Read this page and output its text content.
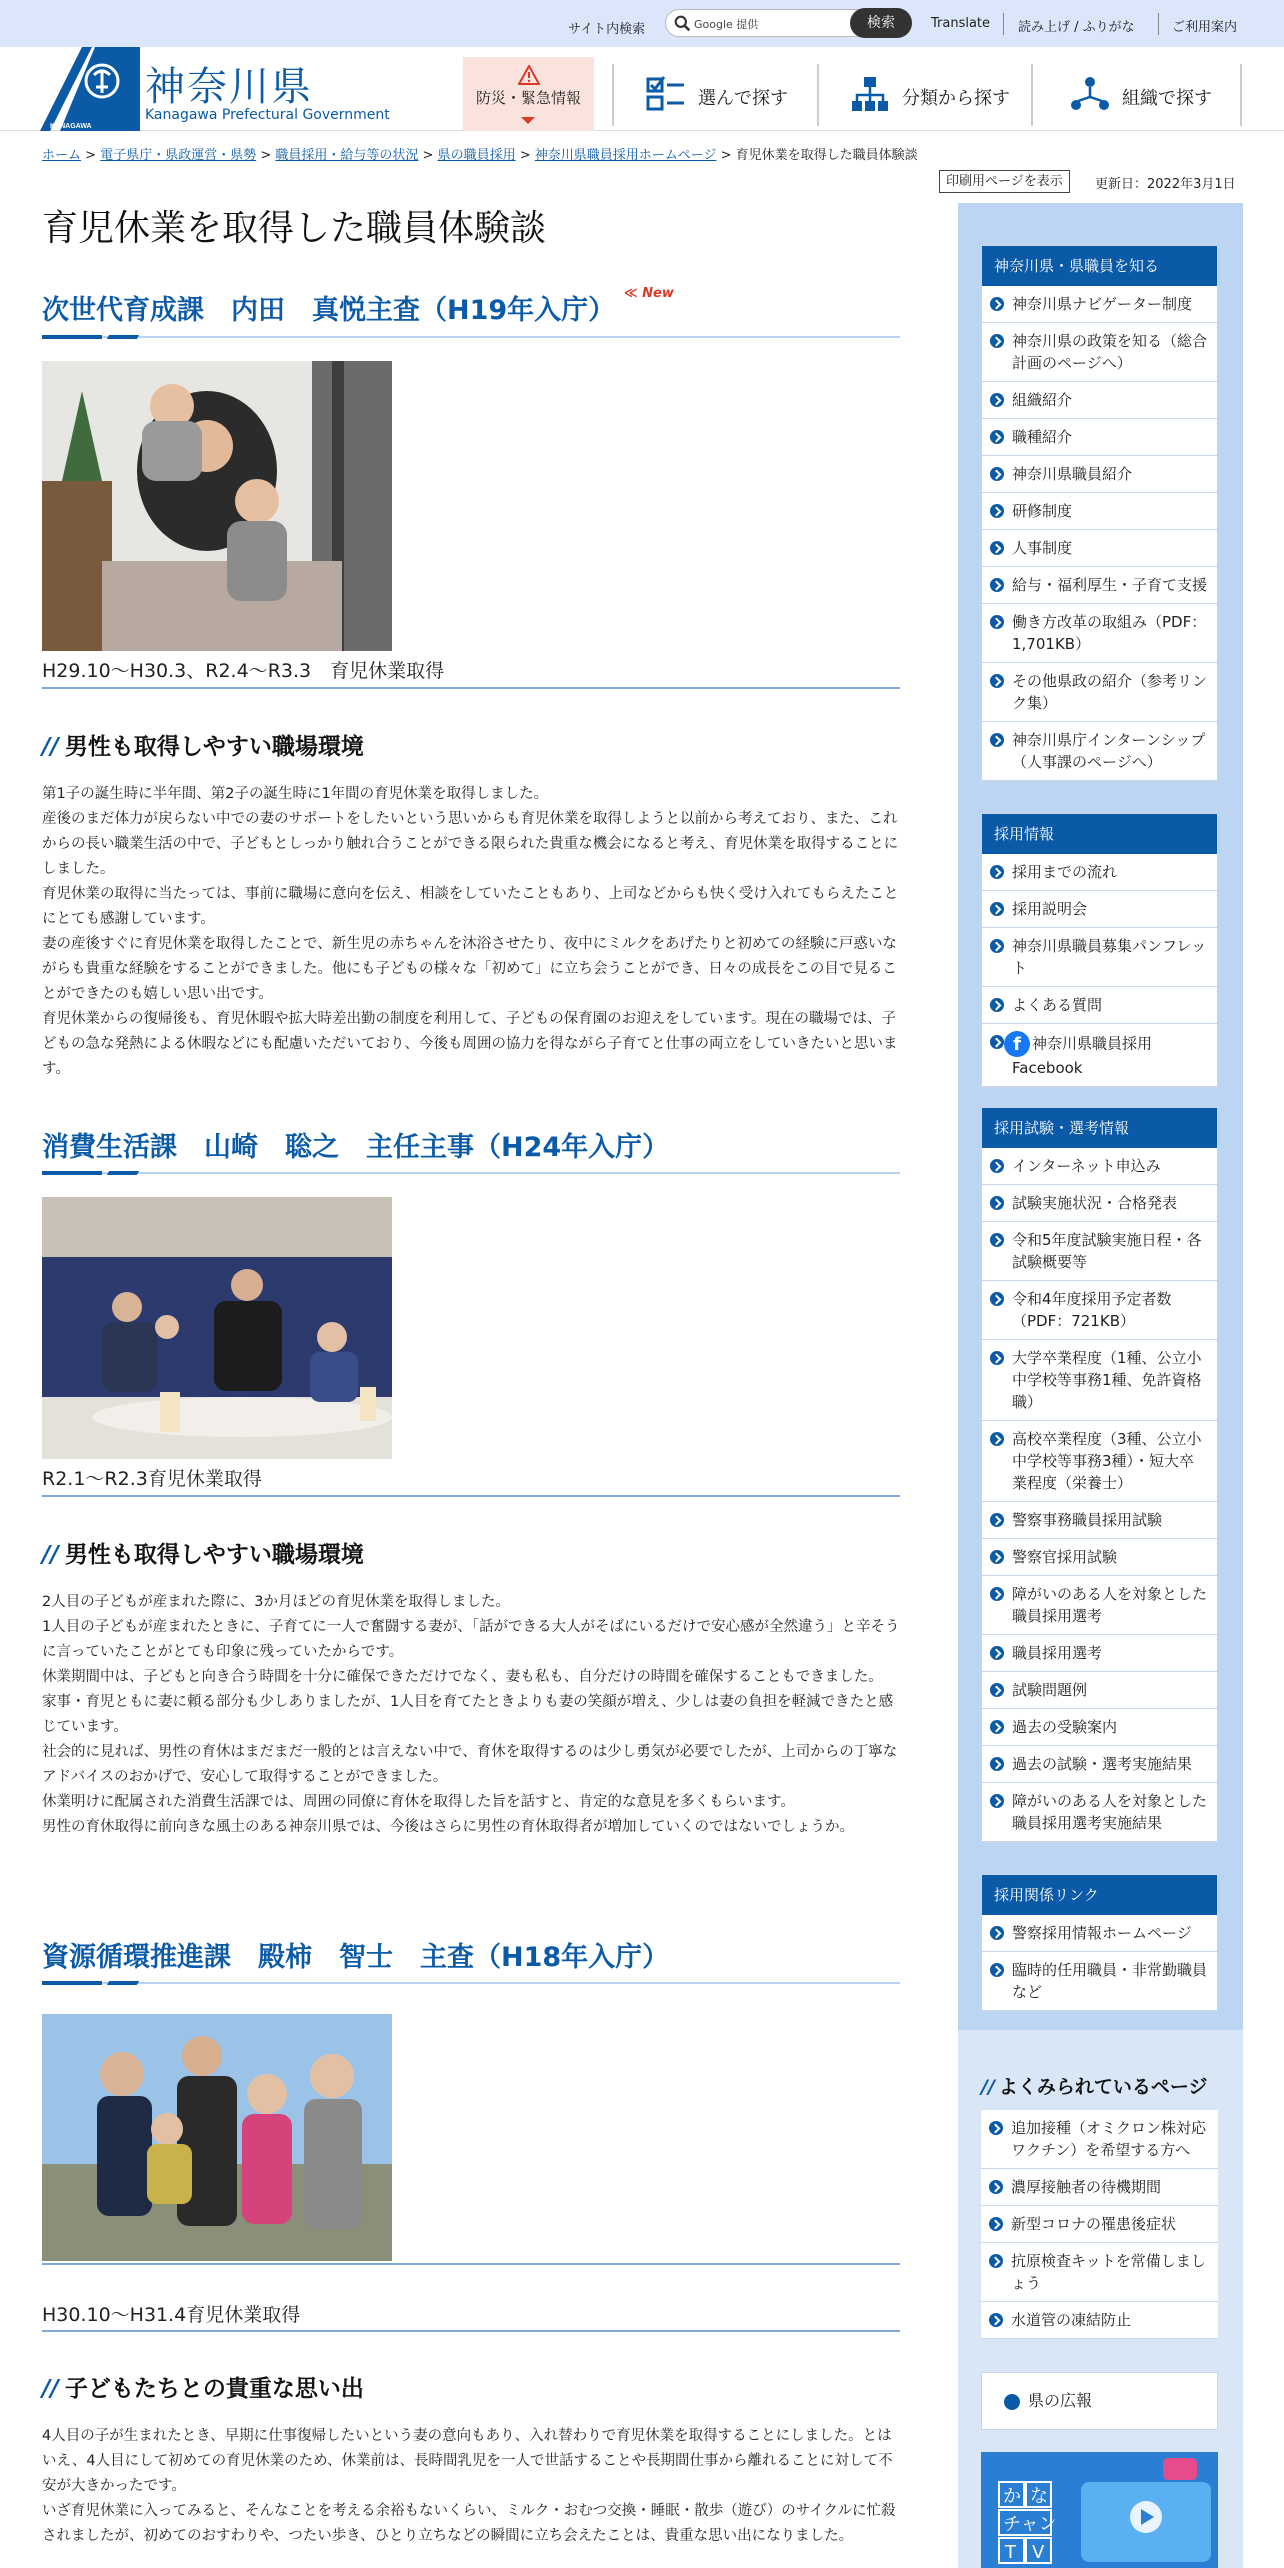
サイト内検索	Google 提供	検索	Translate 読み上げ / ふりがな	ご利用案内
KANAGAWA
神奈川県
Kanagawa Prefectural Government
防災・緊急情報	選んで探す	分類から探す	組織で探す
ホーム > 電子県庁・県政運営・県勢 > 職員採用・給与等の状況 > 県の職員採用 > 神奈川県職員採用ホームページ > 育児休業を取得した職員体験談
印刷用ページを表示	更新日：2022年3月1日
育児休業を取得した職員体験談
次世代育成課　内田　真悦主査（H19年入庁）
≪ New
H29.10～H30.3、R2.4～R3.3　育児休業取得
// 男性も取得しやすい職場環境

第1子の誕生時に半年間、第2子の誕生時に1年間の育児休業を取得しました。
産後のまだ体力が戻らない中での妻のサポートをしたいという思いからも育児休業を取得しようと以前から考えており、また、これからの長い職業生活の中で、子どもとしっかり触れ合うことができる限られた貴重な機会になると考え、育児休業を取得することにしました。
育児休業の取得に当たっては、事前に職場に意向を伝え、相談をしていたこともあり、上司などからも快く受け入れてもらえたことにとても感謝しています。
妻の産後すぐに育児休業を取得したことで、新生児の赤ちゃんを沐浴させたり、夜中にミルクをあげたりと初めての経験に戸惑いながらも貴重な経験をすることができました。他にも子どもの様々な「初めて」に立ち会うことができ、日々の成長をこの目で見ることができたのも嬉しい思い出です。
育児休業からの復帰後も、育児休暇や拡大時差出勤の制度を利用して、子どもの保育園のお迎えをしています。現在の職場では、子どもの急な発熱による休暇などにも配慮いただいており、今後も周囲の協力を得ながら子育てと仕事の両立をしていきたいと思います。

消費生活課　山崎　聡之　主任主事（H24年入庁）
R2.1～R2.3育児休業取得
// 男性も取得しやすい職場環境

2人目の子どもが産まれた際に、3か月ほどの育児休業を取得しました。
1人目の子どもが産まれたときに、子育てに一人で奮闘する妻が、「話ができる大人がそばにいるだけで安心感が全然違う」と辛そうに言っていたことがとても印象に残っていたからです。
休業期間中は、子どもと向き合う時間を十分に確保できただけでなく、妻も私も、自分だけの時間を確保することもできました。
家事・育児ともに妻に頼る部分も少しありましたが、1人目を育てたときよりも妻の笑顔が増え、少しは妻の負担を軽減できたと感じています。
社会的に見れば、男性の育休はまだまだ一般的とは言えない中で、育休を取得するのは少し勇気が必要でしたが、上司からの丁寧なアドバイスのおかげで、安心して取得することができました。
休業明けに配属された消費生活課では、周囲の同僚に育休を取得した旨を話すと、肯定的な意見を多くもらいます。
男性の育休取得に前向きな風土のある神奈川県では、今後はさらに男性の育休取得者が増加していくのではないでしょうか。

資源循環推進課　殿柿　智士　主査（H18年入庁）
H30.10～H31.4育児休業取得
// 子どもたちとの貴重な思い出

4人目の子が生まれたとき、早期に仕事復帰したいという妻の意向もあり、入れ替わりで育児休業を取得することにしました。とはいえ、4人目にして初めての育児休業のため、休業前は、長時間乳児を一人で世話することや長期間仕事から離れることに対して不安が大きかったです。
いざ育児休業に入ってみると、そんなことを考える余裕もないくらい、ミルク・おむつ交換・睡眠・散歩（遊び）のサイクルに忙殺されましたが、初めてのおすわりや、つたい歩き、ひとり立ちなどの瞬間に立ち会えたことは、貴重な思い出になりました。

神奈川県・県職員を知る
神奈川県ナビゲーター制度
神奈川県の政策を知る（総合計画のページへ）
組織紹介
職種紹介
神奈川県職員紹介
研修制度
人事制度
給与・福利厚生・子育て支援
働き方改革の取組み（PDF：1,701KB）
その他県政の紹介（参考リンク集）
神奈川県庁インターンシップ（人事課のページへ）
採用情報
採用までの流れ
採用説明会
神奈川県職員募集パンフレット
よくある質問
f 神奈川県職員採用Facebook
採用試験・選考情報
インターネット申込み
試験実施状況・合格発表
令和5年度試験実施日程・各試験概要等
令和4年度採用予定者数（PDF：721KB）
大学卒業程度（1種、公立小中学校等事務1種、免許資格職）
高校卒業程度（3種、公立小中学校等事務3種）・短大卒業程度（栄養士）
警察事務職員採用試験
警察官採用試験
障がいのある人を対象とした職員採用選考
職員採用選考
試験問題例
過去の受験案内
過去の試験・選考実施結果
障がいのある人を対象とした職員採用選考実施結果
採用関係リンク
警察採用情報ホームページ
臨時的任用職員・非常勤職員など
// よくみられているページ
追加接種（オミクロン株対応ワクチン）を希望する方へ
濃厚接触者の待機期間
新型コロナの罹患後症状
抗原検査キットを常備しましょう
水道管の凍結防止
県の広報
か な
チャン
T V
